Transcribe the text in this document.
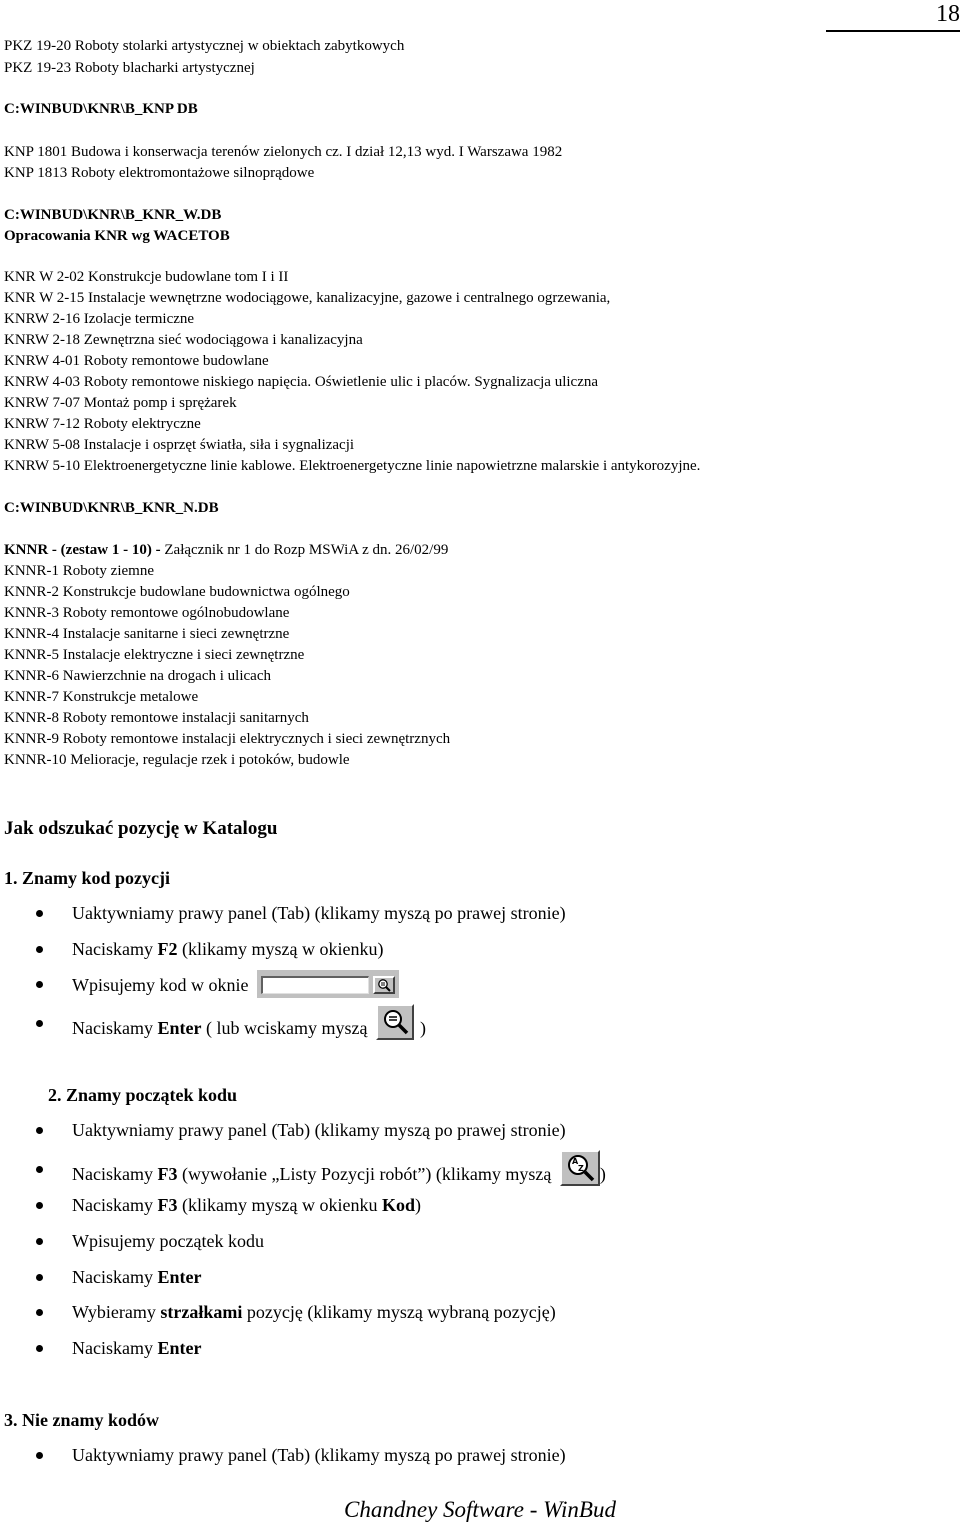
18
PKZ 19-20 Roboty stolarki artystycznej w obiektach zabytkowych
PKZ 19-23 Roboty blacharki artystycznej
C:WINBUD\KNR\B_KNP DB
KNP 1801 Budowa i konserwacja terenów zielonych cz. I dział 12,13 wyd. I Warszawa 1982
KNP 1813 Roboty elektromontażowe silnoprądowe
C:WINBUD\KNR\B_KNR_W.DB
Opracowania KNR wg WACETOB
KNR W 2-02 Konstrukcje budowlane tom I i II
KNR W 2-15 Instalacje wewnętrzne wodociągowe, kanalizacyjne, gazowe i centralnego ogrzewania,
KNRW 2-16 Izolacje termiczne
KNRW 2-18 Zewnętrzna sieć wodociągowa i kanalizacyjna
KNRW 4-01 Roboty remontowe budowlane
KNRW 4-03 Roboty remontowe niskiego napięcia. Oświetlenie ulic i placów. Sygnalizacja uliczna
KNRW 7-07 Montaż pomp i sprężarek
KNRW 7-12 Roboty elektryczne
KNRW 5-08 Instalacje i osprzęt światła, siła i sygnalizacji
KNRW 5-10 Elektroenergetyczne linie kablowe. Elektroenergetyczne linie napowietrzne malarskie i antykorozyjne.
C:WINBUD\KNR\B_KNR_N.DB
KNNR - (zestaw 1 - 10) - Załącznik nr 1 do Rozp MSWiA z dn. 26/02/99
KNNR-1 Roboty ziemne
KNNR-2 Konstrukcje budowlane budownictwa ogólnego
KNNR-3 Roboty remontowe ogólnobudowlane
KNNR-4 Instalacje sanitarne i sieci zewnętrzne
KNNR-5 Instalacje elektryczne i sieci zewnętrzne
KNNR-6 Nawierzchnie na drogach i ulicach
KNNR-7 Konstrukcje metalowe
KNNR-8 Roboty remontowe instalacji sanitarnych
KNNR-9 Roboty remontowe instalacji elektrycznych i sieci zewnętrznych
KNNR-10 Melioracje, regulacje rzek i potoków, budowle
Jak odszukać pozycję w Katalogu
1. Znamy kod pozycji
Uaktywniamy prawy panel (Tab) (klikamy myszą po prawej stronie)
Naciskamy F2 (klikamy myszą w okienku)
Wpisujemy kod w oknie
Naciskamy Enter ( lub wciskamy myszą	)
2. Znamy początek kodu
Uaktywniamy prawy panel (Tab) (klikamy myszą po prawej stronie)
Naciskamy F3 (wywołanie „Listy Pozycji robót”) (klikamy myszą
A
Z )
Naciskamy F3 (klikamy myszą w okienku Kod)
Wpisujemy początek kodu
Naciskamy Enter
Wybieramy strzałkami pozycję (klikamy myszą wybraną pozycję)
Naciskamy Enter
3. Nie znamy kodów
Uaktywniamy prawy panel (Tab) (klikamy myszą po prawej stronie)
Chandney Software - WinBud
